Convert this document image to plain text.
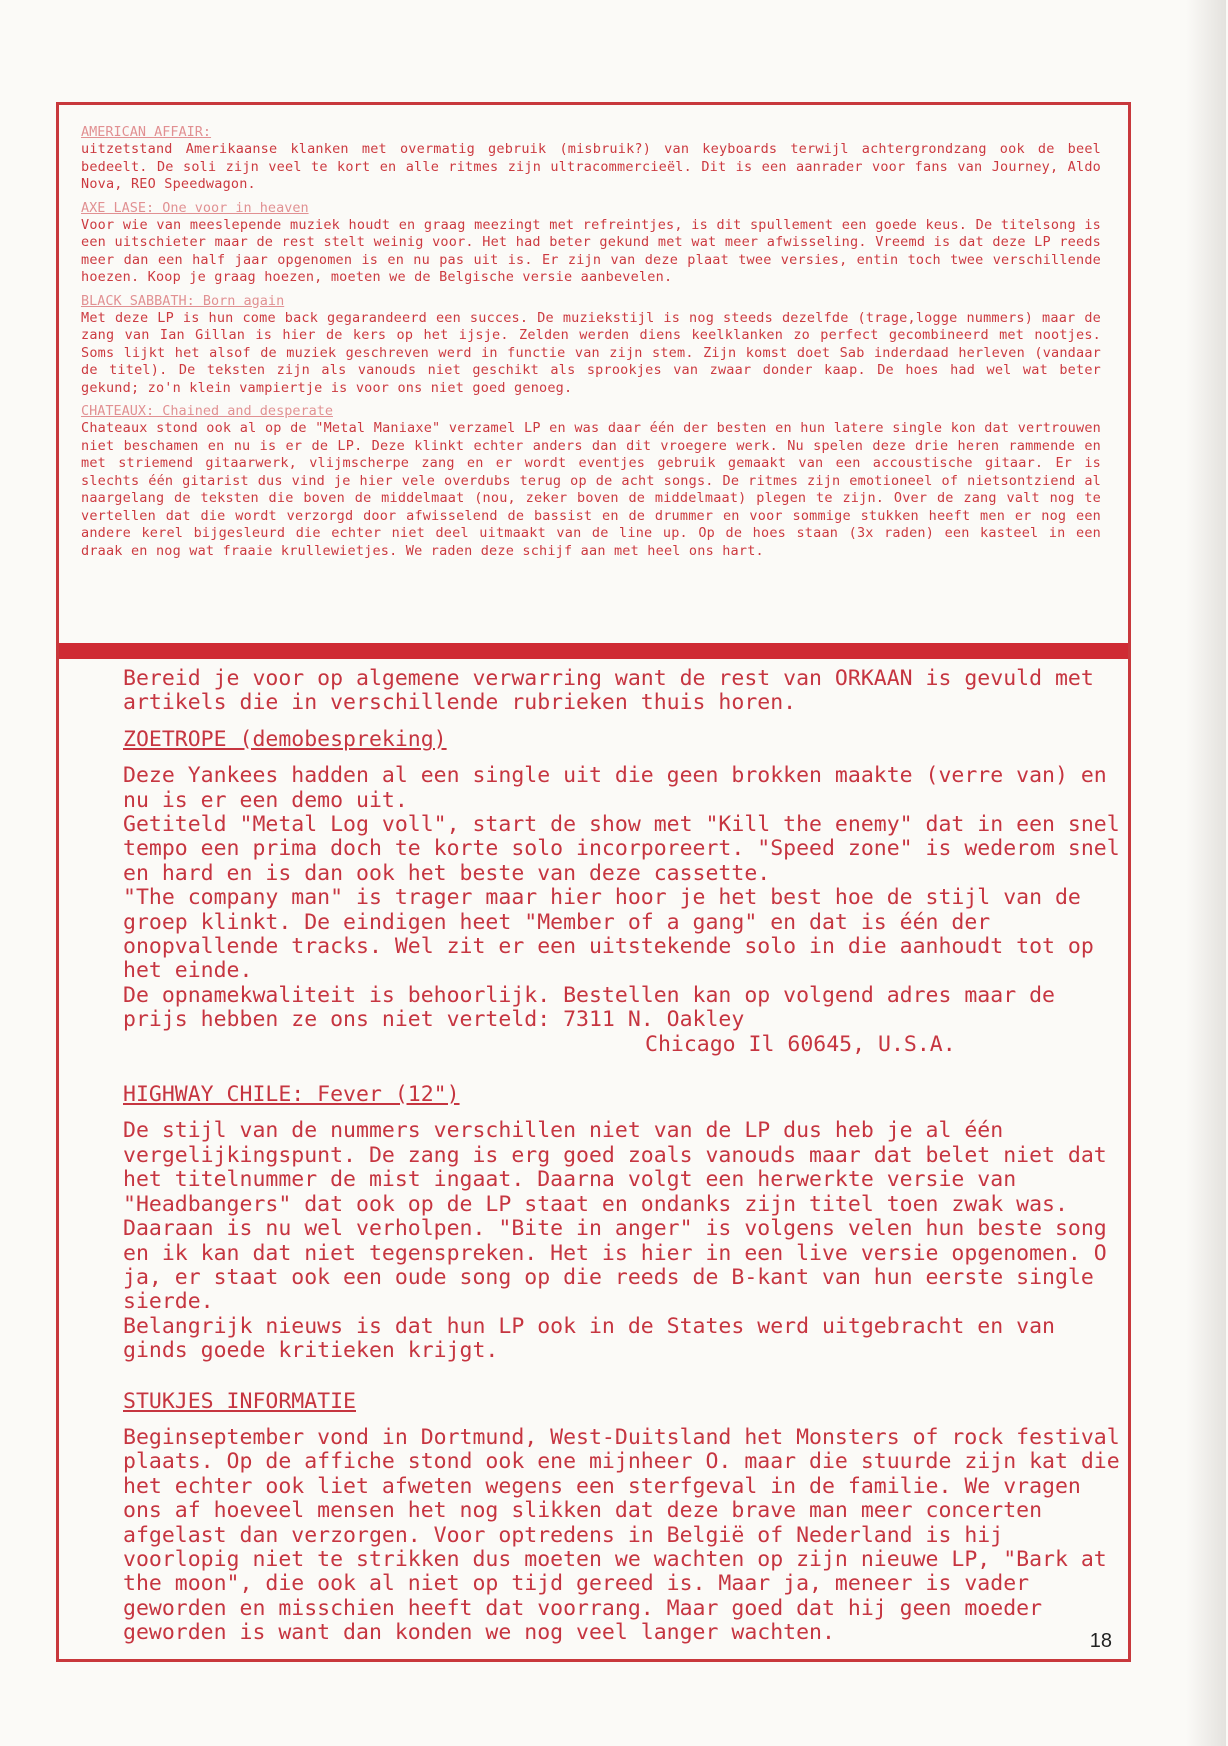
AMERICAN AFFAIR:

uitzetstand Amerikaanse klanken met overmatig gebruik (misbruik?) van keyboards terwijl achtergrondzang ook de beel bedeelt. De soli zijn veel te kort en alle ritmes zijn ultracommercieël. Dit is een aanrader voor fans van Journey, Aldo Nova, REO Speedwagon.

AXE LASE: One voor in heaven

Voor wie van meeslepende muziek houdt en graag meezingt met refreintjes, is dit spullement een goede keus. De titelsong is een uitschieter maar de rest stelt weinig voor. Het had beter gekund met wat meer afwisseling. Vreemd is dat deze LP reeds meer dan een half jaar opgenomen is en nu pas uit is. Er zijn van deze plaat twee versies, entin toch twee verschillende hoezen. Koop je graag hoezen, moeten we de Belgische versie aanbevelen.

BLACK SABBATH: Born again

Met deze LP is hun come back gegarandeerd een succes. De muziekstijl is nog steeds dezelfde (trage,logge nummers) maar de zang van Ian Gillan is hier de kers op het ijsje. Zelden werden diens keelklanken zo perfect gecombineerd met nootjes. Soms lijkt het alsof de muziek geschreven werd in functie van zijn stem. Zijn komst doet Sab inderdaad herleven (vandaar de titel). De teksten zijn als vanouds niet geschikt als sprookjes van zwaar donder kaap. De hoes had wel wat beter gekund; zo'n klein vampiertje is voor ons niet goed genoeg.

CHATEAUX: Chained and desperate

Chateaux stond ook al op de "Metal Maniaxe" verzamel LP en was daar één der besten en hun latere single kon dat vertrouwen niet beschamen en nu is er de LP. Deze klinkt echter anders dan dit vroegere werk. Nu spelen deze drie heren rammende en met striemend gitaarwerk, vlijmscherpe zang en er wordt eventjes gebruik gemaakt van een accoustische gitaar. Er is slechts één gitarist dus vind je hier vele overdubs terug op de acht songs. De ritmes zijn emotioneel of nietsontziend al naargelang de teksten die boven de middelmaat (nou, zeker boven de middelmaat) plegen te zijn. Over de zang valt nog te vertellen dat die wordt verzorgd door afwisselend de bassist en de drummer en voor sommige stukken heeft men er nog een andere kerel bijgesleurd die echter niet deel uitmaakt van de line up. Op de hoes staan (3x raden) een kasteel in een draak en nog wat fraaie krullewietjes. We raden deze schijf aan met heel ons hart.

Bereid je voor op algemene verwarring want de rest van ORKAAN is gevuld met artikels die in verschillende rubrieken thuis horen.

ZOETROPE (demobespreking)

Deze Yankees hadden al een single uit die geen brokken maakte (verre van) en nu is er een demo uit.
Getiteld "Metal Log voll", start de show met "Kill the enemy" dat in een snel tempo een prima doch te korte solo incorporeert. "Speed zone" is wederom snel en hard en is dan ook het beste van deze cassette.
"The company man" is trager maar hier hoor je het best hoe de stijl van de groep klinkt. De eindigen heet "Member of a gang" en dat is één der onopvallende tracks. Wel zit er een uitstekende solo in die aanhoudt tot op het einde.
De opnamekwaliteit is behoorlijk. Bestellen kan op volgend adres maar de prijs hebben ze ons niet verteld: 7311 N. Oakley

Chicago Il 60645, U.S.A.

HIGHWAY CHILE: Fever (12")

De stijl van de nummers verschillen niet van de LP dus heb je al één vergelijkingspunt. De zang is erg goed zoals vanouds maar dat belet niet dat het titelnummer de mist ingaat. Daarna volgt een herwerkte versie van "Headbangers" dat ook op de LP staat en ondanks zijn titel toen zwak was. Daaraan is nu wel verholpen. "Bite in anger" is volgens velen hun beste song en ik kan dat niet tegenspreken. Het is hier in een live versie opgenomen. O ja, er staat ook een oude song op die reeds de B-kant van hun eerste single sierde.
Belangrijk nieuws is dat hun LP ook in de States werd uitgebracht en van ginds goede kritieken krijgt.

STUKJES INFORMATIE

Beginseptember vond in Dortmund, West-Duitsland het Monsters of rock festival plaats. Op de affiche stond ook ene mijnheer O. maar die stuurde zijn kat die het echter ook liet afweten wegens een sterfgeval in de familie. We vragen ons af hoeveel mensen het nog slikken dat deze brave man meer concerten afgelast dan verzorgen. Voor optredens in België of Nederland is hij voorlopig niet te strikken dus moeten we wachten op zijn nieuwe LP, "Bark at the moon", die ook al niet op tijd gereed is. Maar ja, meneer is vader geworden en misschien heeft dat voorrang. Maar goed dat hij geen moeder geworden is want dan konden we nog veel langer wachten.	18
